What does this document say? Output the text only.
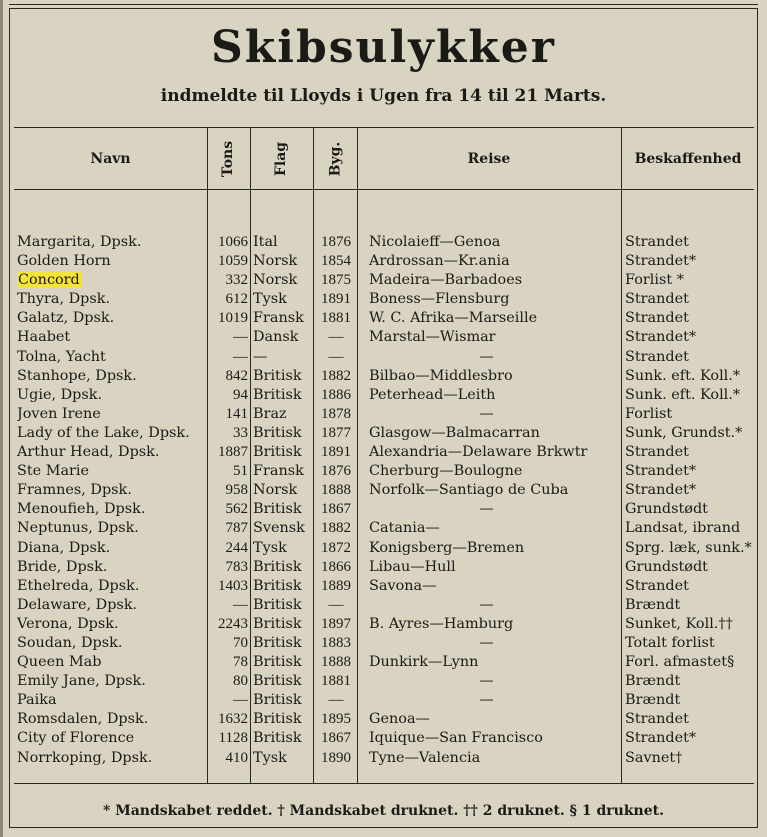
Skibsulykker
indmeldte til Lloyds i Ugen fra 14 til 21 Marts.
Navn	Tons	Flag	Byg.	Reise	Beskaffenhed
Margarita, Dpsk.	1066 Ital	1876	Nicolaieff—Genoa	Strandet
Golden Horn	1059 Norsk	1854	Ardrossan—Kr.ania	Strandet*
Concord	332 Norsk	1875	Madeira—Barbadoes	Forlist *
Thyra, Dpsk.	612 Tysk	1891	Boness—Flensburg	Strandet
Galatz, Dpsk.	1019 Fransk	1881	W. C. Afrika—Marseille	Strandet
Haabet	— Dansk	—	Marstal—Wismar	Strandet*
Tolna, Yacht	— —	—	—	Strandet
Stanhope, Dpsk.	842 Britisk	1882	Bilbao—Middlesbro	Sunk. eft. Koll.*
Ugie, Dpsk.	94 Britisk	1886	Peterhead—Leith	Sunk. eft. Koll.*
Joven Irene	141 Braz	1878	—	Forlist
Lady of the Lake, Dpsk.	33 Britisk	1877	Glasgow—Balmacarran	Sunk, Grundst.*
Arthur Head, Dpsk.	1887 Britisk	1891	Alexandria—Delaware Brkwtr	Strandet
Ste Marie	51 Fransk	1876	Cherburg—Boulogne	Strandet*
Framnes, Dpsk.	958 Norsk	1888	Norfolk—Santiago de Cuba	Strandet*
Menoufieh, Dpsk.	562 Britisk	1867	—	Grundstødt
Neptunus, Dpsk.	787 Svensk	1882	Catania—	Landsat, ibrand
Diana, Dpsk.	244 Tysk	1872	Konigsberg—Bremen	Sprg. læk, sunk.*
Bride, Dpsk.	783 Britisk	1866	Libau—Hull	Grundstødt
Ethelreda, Dpsk.	1403 Britisk	1889	Savona—	Strandet
Delaware, Dpsk.	— Britisk	—	—	Brændt
Verona, Dpsk.	2243 Britisk	1897	B. Ayres—Hamburg	Sunket, Koll.††
Soudan, Dpsk.	70 Britisk	1883	—	Totalt forlist
Queen Mab	78 Britisk	1888	Dunkirk—Lynn	Forl. afmastet§
Emily Jane, Dpsk.	80 Britisk	1881	—	Brændt
Paika	— Britisk	—	—	Brændt
Romsdalen, Dpsk.	1632 Britisk	1895	Genoa—	Strandet
City of Florence	1128 Britisk	1867	Iquique—San Francisco	Strandet*
Norrkoping, Dpsk.	410 Tysk	1890	Tyne—Valencia	Savnet†
* Mandskabet reddet. † Mandskabet druknet. †† 2 druknet. § 1 druknet.
